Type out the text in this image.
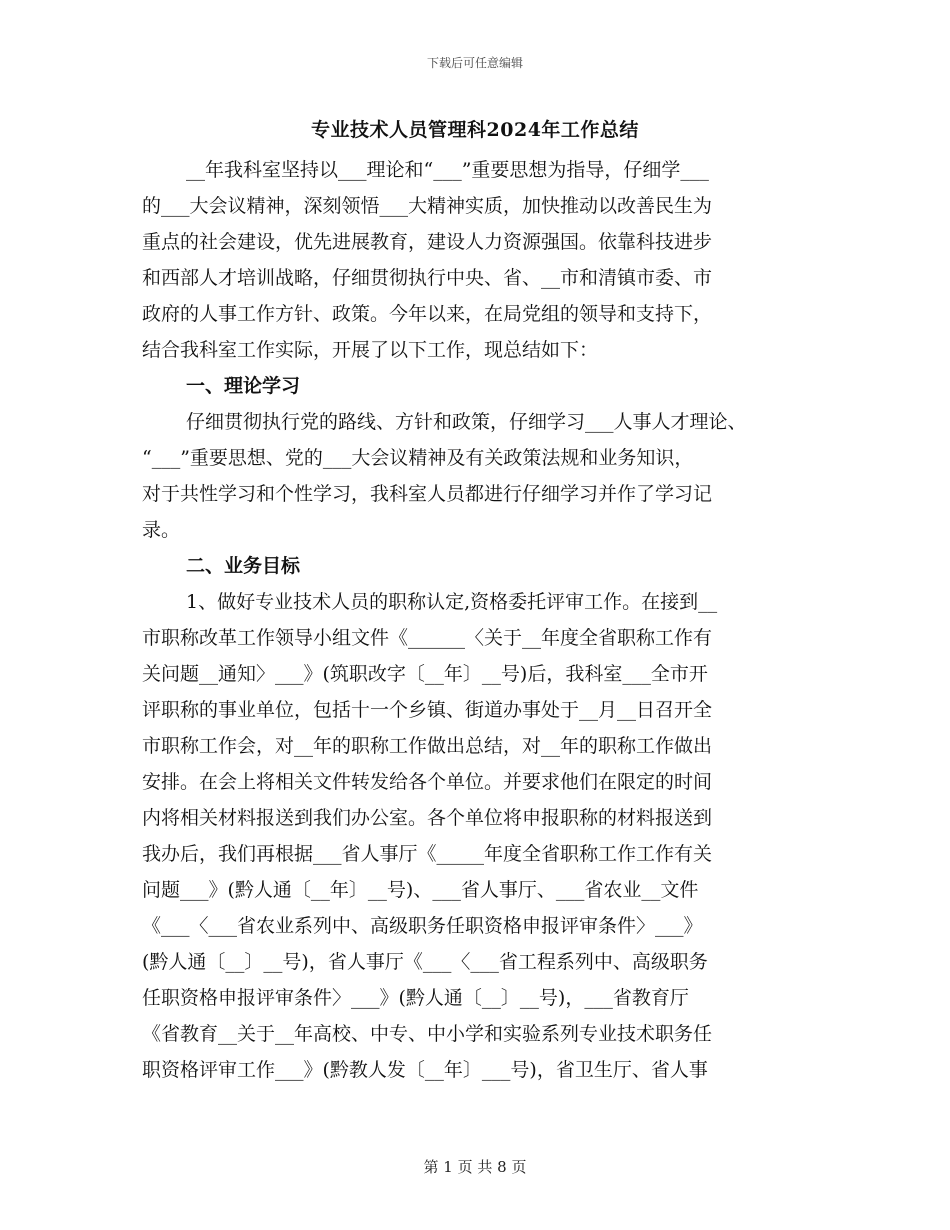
下载后可任意编辑
专业技术人员管理科2024年工作总结
__年我科室坚持以___理论和“___”重要思想为指导，仔细学___
的___大会议精神，深刻领悟___大精神实质，加快推动以改善民生为
重点的社会建设，优先进展教育，建设人力资源强国。依靠科技进步
和西部人才培训战略，仔细贯彻执行中央、省、__市和清镇市委、市
政府的人事工作方针、政策。今年以来，在局党组的领导和支持下，
结合我科室工作实际，开展了以下工作，现总结如下：
一、理论学习
仔细贯彻执行党的路线、方针和政策，仔细学习___人事人才理论、
“___”重要思想、党的___大会议精神及有关政策法规和业务知识，
对于共性学习和个性学习，我科室人员都进行仔细学习并作了学习记
录。
二、业务目标
1、做好专业技术人员的职称认定,资格委托评审工作。在接到__
市职称改革工作领导小组文件《______〈关于__年度全省职称工作有
关问题__通知〉___》(筑职改字〔__年〕__号)后，我科室___全市开
评职称的事业单位，包括十一个乡镇、街道办事处于__月__日召开全
市职称工作会，对__年的职称工作做出总结，对__年的职称工作做出
安排。在会上将相关文件转发给各个单位。并要求他们在限定的时间
内将相关材料报送到我们办公室。各个单位将申报职称的材料报送到
我办后，我们再根据___省人事厅《_____年度全省职称工作工作有关
问题___》(黔人通〔__年〕__号)、___省人事厅、___省农业__文件
《___〈___省农业系列中、高级职务任职资格申报评审条件〉___》
(黔人通〔__〕__号)，省人事厅《___〈___省工程系列中、高级职务
任职资格申报评审条件〉___》(黔人通〔__〕__号)，___省教育厅
《省教育__关于__年高校、中专、中小学和实验系列专业技术职务任
职资格评审工作___》(黔教人发〔__年〕___号)，省卫生厅、省人事
第 1 页 共 8 页
